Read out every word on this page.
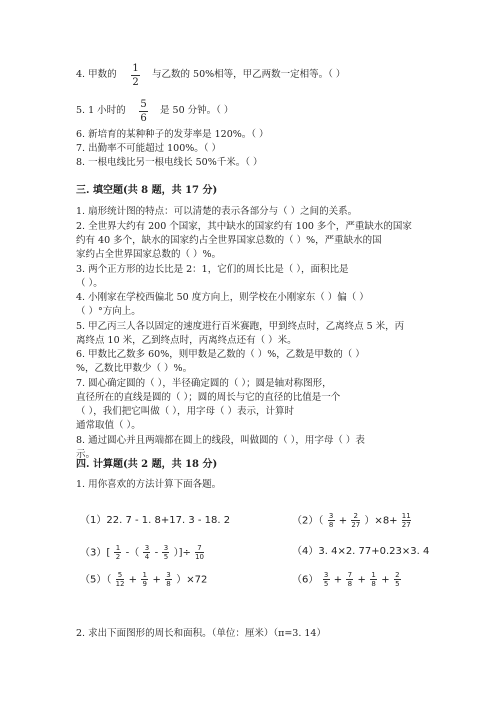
4. 甲数的
1
2
与乙数的 50%相等，甲乙两数一定相等。（ ）
5. 1 小时的
5
6
是 50 分钟。（ ）
6. 新培育的某种种子的发芽率是 120%。（ ）
7. 出勤率不可能超过 100%。（ ）
8. 一根电线比另一根电线长 50%千米。（ ）
三. 填空题(共 8 题，共 17 分)
1. 扇形统计图的特点：可以清楚的表示各部分与（ ）之间的关系。
2. 全世界大约有 200 个国家，其中缺水的国家约有 100 多个，严重缺水的国家
约有 40 多个，缺水的国家约占全世界国家总数的（ ）%，严重缺水的国
家约占全世界国家总数的（ ）%。
3. 两个正方形的边长比是 2：1，它们的周长比是（ ），面积比是
（ ）。
4. 小刚家在学校西偏北 50 度方向上，则学校在小刚家东（ ）偏（ ）
（ ）°方向上。
5. 甲乙丙三人各以固定的速度进行百米赛跑，甲到终点时，乙离终点 5 米，丙
离终点 10 米，乙到终点时，丙离终点还有（ ）米。
6. 甲数比乙数多 60%，则甲数是乙数的（ ）%，乙数是甲数的（ ）
%，乙数比甲数少（ ）%。
7. 圆心确定圆的（ ），半径确定圆的（ ）；圆是轴对称图形，
直径所在的直线是圆的（ ）；圆的周长与它的直径的比值是一个
（ ），我们把它叫做（ ），用字母（ ）表示，计算时
通常取值（ ）。
8. 通过圆心并且两端都在圆上的线段，叫做圆的（ ），用字母（ ）表
示。
四. 计算题(共 2 题，共 18 分)
1. 用你喜欢的方法计算下面各题。
（1）22. 7 - 1. 8+17. 3 - 18. 2	$(2)( \frac{3}{8} + \frac{2}{27} )\times 8+ \frac{11}{27}$
$(3)[ \frac{1}{2}$ -（ $\frac{3}{4} - \frac{3}{5}$ ）]÷ $\frac{7}{10}$	（4）3. 4×2. 77+0.23×3. 4
$(5)( \frac{5}{12} + \frac{1}{9} + \frac{3}{8} )\times 72$	$(6) \frac{3}{5} + \frac{7}{8} + \frac{1}{8} + \frac{2}{5}$
2. 求出下面图形的周长和面积。（单位：厘米）（π=3. 14）
